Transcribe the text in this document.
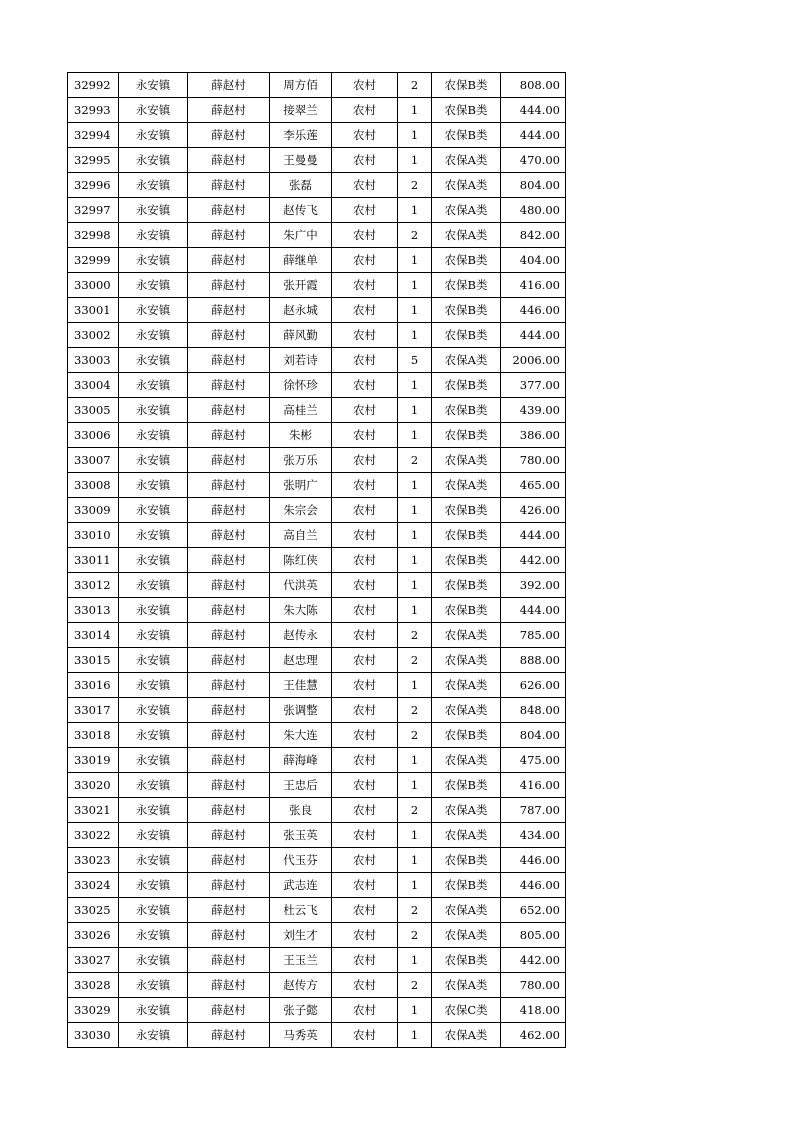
32992	永安镇	薛赵村	周方佰	农村	2	农保B类	808.00
32993	永安镇	薛赵村	接翠兰	农村	1	农保B类	444.00
32994	永安镇	薛赵村	李乐莲	农村	1	农保B类	444.00
32995	永安镇	薛赵村	王曼曼	农村	1	农保A类	470.00
32996	永安镇	薛赵村	张磊	农村	2	农保A类	804.00
32997	永安镇	薛赵村	赵传飞	农村	1	农保A类	480.00
32998	永安镇	薛赵村	朱广中	农村	2	农保A类	842.00
32999	永安镇	薛赵村	薛继单	农村	1	农保B类	404.00
33000	永安镇	薛赵村	张开霞	农村	1	农保B类	416.00
33001	永安镇	薛赵村	赵永城	农村	1	农保B类	446.00
33002	永安镇	薛赵村	薛风勤	农村	1	农保B类	444.00
33003	永安镇	薛赵村	刘若诗	农村	5	农保A类	2006.00
33004	永安镇	薛赵村	徐怀珍	农村	1	农保B类	377.00
33005	永安镇	薛赵村	高桂兰	农村	1	农保B类	439.00
33006	永安镇	薛赵村	朱彬	农村	1	农保B类	386.00
33007	永安镇	薛赵村	张万乐	农村	2	农保A类	780.00
33008	永安镇	薛赵村	张明广	农村	1	农保A类	465.00
33009	永安镇	薛赵村	朱宗会	农村	1	农保B类	426.00
33010	永安镇	薛赵村	高自兰	农村	1	农保B类	444.00
33011	永安镇	薛赵村	陈红侠	农村	1	农保B类	442.00
33012	永安镇	薛赵村	代洪英	农村	1	农保B类	392.00
33013	永安镇	薛赵村	朱大陈	农村	1	农保B类	444.00
33014	永安镇	薛赵村	赵传永	农村	2	农保A类	785.00
33015	永安镇	薛赵村	赵忠理	农村	2	农保A类	888.00
33016	永安镇	薛赵村	王佳慧	农村	1	农保A类	626.00
33017	永安镇	薛赵村	张调整	农村	2	农保A类	848.00
33018	永安镇	薛赵村	朱大连	农村	2	农保B类	804.00
33019	永安镇	薛赵村	薛海峰	农村	1	农保A类	475.00
33020	永安镇	薛赵村	王忠后	农村	1	农保B类	416.00
33021	永安镇	薛赵村	张良	农村	2	农保A类	787.00
33022	永安镇	薛赵村	张玉英	农村	1	农保A类	434.00
33023	永安镇	薛赵村	代玉芬	农村	1	农保B类	446.00
33024	永安镇	薛赵村	武志连	农村	1	农保B类	446.00
33025	永安镇	薛赵村	杜云飞	农村	2	农保A类	652.00
33026	永安镇	薛赵村	刘生才	农村	2	农保A类	805.00
33027	永安镇	薛赵村	王玉兰	农村	1	农保B类	442.00
33028	永安镇	薛赵村	赵传方	农村	2	农保A类	780.00
33029	永安镇	薛赵村	张子懿	农村	1	农保C类	418.00
33030	永安镇	薛赵村	马秀英	农村	1	农保A类	462.00
